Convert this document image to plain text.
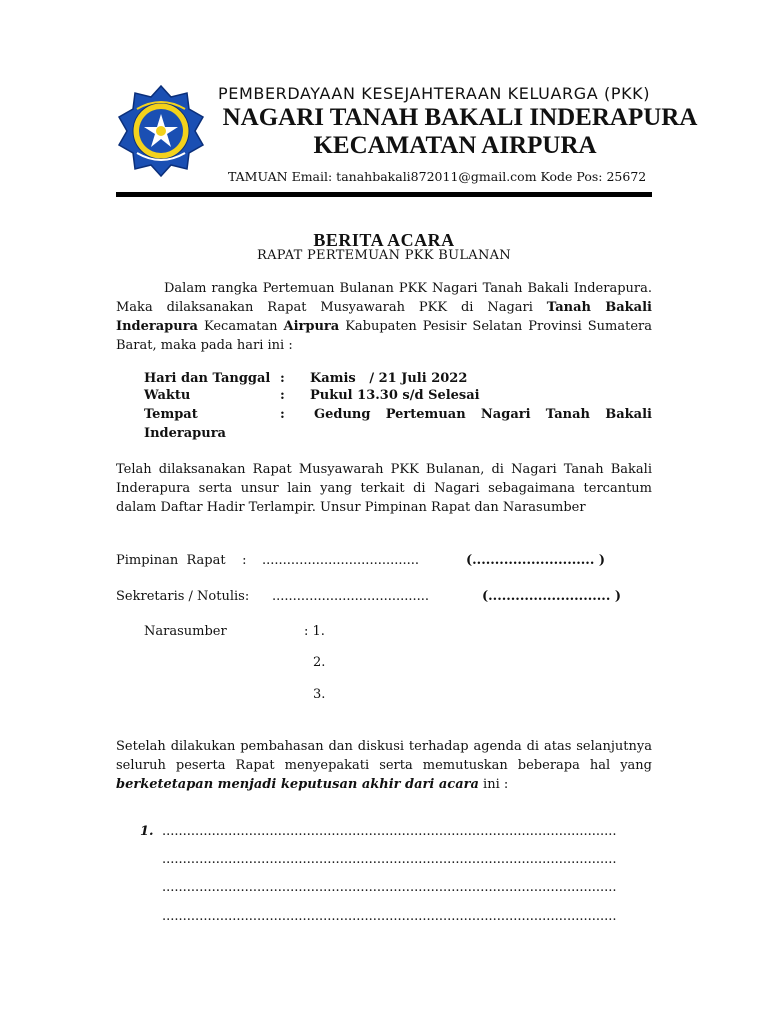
PEMBERDAYAAN KESEJAHTERAAN KELUARGA (PKK)
NAGARI TANAH BAKALI INDERAPURA
KECAMATAN AIRPURA
TAMUAN Email: tanahbakali872011@gmail.com Kode Pos: 25672
BERITA ACARA
RAPAT PERTEMUAN PKK BULANAN
Dalam rangka Pertemuan Bulanan PKK Nagari Tanah Bakali Inderapura. Maka dilaksanakan Rapat Musyawarah PKK di Nagari Tanah Bakali Inderapura Kecamatan Airpura Kabupaten Pesisir Selatan Provinsi Sumatera Barat, maka pada hari ini :
Hari dan Tanggal : Kamis   / 21 Juli 2022
Waktu	: Pukul 13.30 s/d Selesai
Tempat	: Gedung Pertemuan Nagari Tanah Bakali
Inderapura
Telah dilaksanakan Rapat Musyawarah PKK Bulanan, di Nagari Tanah Bakali Inderapura serta unsur lain yang terkait di Nagari sebagaimana tercantum dalam Daftar Hadir Terlampir. Unsur Pimpinan Rapat dan Narasumber
Pimpinan  Rapat    : ......................................	(........................... )
Sekretaris / Notulis: ......................................	(........................... )
Narasumber	: 1.
2.
3.
Setelah dilakukan pembahasan dan diskusi terhadap agenda di atas selanjutnya seluruh peserta Rapat menyepakati serta memutuskan beberapa hal yang berketetapan menjadi keputusan akhir dari acara ini :
1. ..............................................................................................................
..............................................................................................................
..............................................................................................................
..............................................................................................................
